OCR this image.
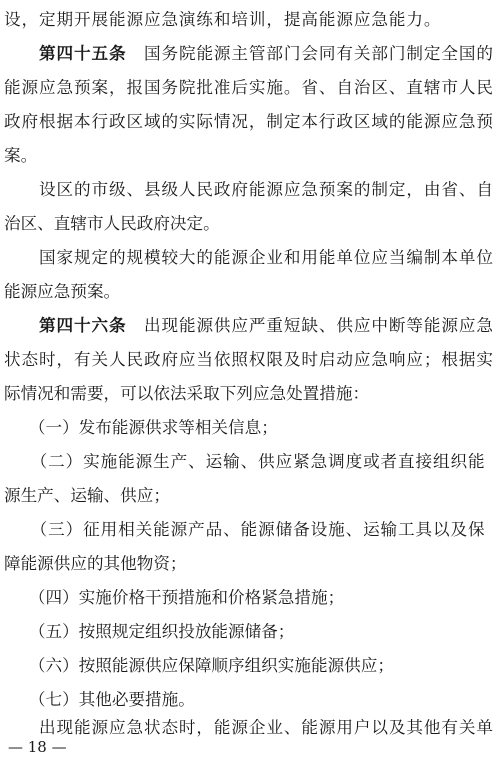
设，定期开展能源应急演练和培训，提高能源应急能力。
　　第四十五条　国务院能源主管部门会同有关部门制定全国的
能源应急预案，报国务院批准后实施。省、自治区、直辖市人民
政府根据本行政区域的实际情况，制定本行政区域的能源应急预
案。
　　设区的市级、县级人民政府能源应急预案的制定，由省、自
治区、直辖市人民政府决定。
　　国家规定的规模较大的能源企业和用能单位应当编制本单位
能源应急预案。
　　第四十六条　出现能源供应严重短缺、供应中断等能源应急
状态时，有关人民政府应当依照权限及时启动应急响应；根据实
际情况和需要，可以依法采取下列应急处置措施：
　　（一）发布能源供求等相关信息；
　　（二）实施能源生产、运输、供应紧急调度或者直接组织能
源生产、运输、供应；
　　（三）征用相关能源产品、能源储备设施、运输工具以及保
障能源供应的其他物资；
　　（四）实施价格干预措施和价格紧急措施；
　　（五）按照规定组织投放能源储备；
　　（六）按照能源供应保障顺序组织实施能源供应；
　　（七）其他必要措施。
　　出现能源应急状态时，能源企业、能源用户以及其他有关单
— 18 —
